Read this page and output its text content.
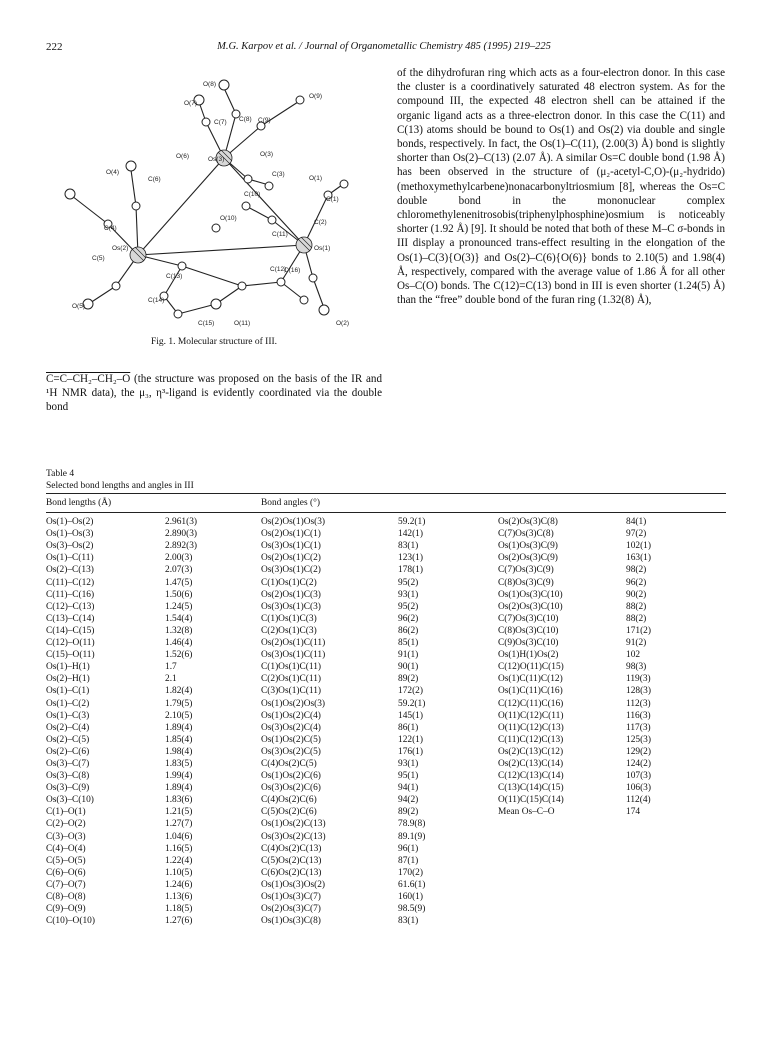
222	M.G. Karpov et al. / Journal of Organometallic Chemistry 485 (1995) 219–225
O(8)
O(7)
C(7) C(8) C(9)
O(9)
O(6)	O(3)
Os(3)
C(6)
C(3)
O(1)
O(4)
C(10)
C(1)
C(4)
O(10)
Os(2)	Os(1)
C(5)
C(13)
C(2)
C(11)
C(12)
C(16)
C(14)
O(5)
C(15)	O(11)	O(2)
Fig. 1. Molecular structure of III.
of the dihydrofuran ring which acts as a four-electron donor. In this case the cluster is a coordinatively saturated 48 electron system. As for the compound III, the expected 48 electron shell can be attained if the organic ligand acts as a three-electron donor. In this case the C(11) and C(13) atoms should be bound to Os(1) and Os(2) via double and single bonds, respectively. In fact, the Os(1)–C(11), (2.00(3) Å) bond is slightly shorter than Os(2)–C(13) (2.07 Å). A similar Os=C double bond (1.98 Å) has been observed in the structure of (μ₂-acetyl-C,O)-(μ₂-hydrido)(methoxymethylcarbene)nonacarbonyltriosmium [8], whereas the Os=C double bond in the mononuclear complex chloromethylenenitrosobis(triphenylphosphine)osmium is noticeably shorter (1.92 Å) [9]. It should be noted that both of these M–C σ-bonds in III display a pronounced trans-effect resulting in the elongation of the Os(1)–C(3){O(3)} and Os(2)–C(6){O(6)} bonds to 2.10(5) and 1.98(4) Å, respectively, compared with the average value of 1.86 Å for all other Os–C(O) bonds. The C(12)=C(13) bond in III is even shorter (1.24(5) Å) than the “free” double bond of the furan ring (1.32(8) Å),
C=C–CH₂–CH₂–O (the structure was proposed on the basis of the IR and ¹H NMR data), the μ₃, η³-ligand is evidently coordinated via the double bond
Table 4
Selected bond lengths and angles in III
Bond lengths (Å)		Bond angles (°)			
Os(1)–Os(2)	2.961(3)	Os(2)Os(1)Os(3)	59.2(1)	Os(2)Os(3)C(8)	84(1)
Os(1)–Os(3)	2.890(3)	Os(2)Os(1)C(1)	142(1)	C(7)Os(3)C(8)	97(2)
Os(3)–Os(2)	2.892(3)	Os(3)Os(1)C(1)	83(1)	Os(1)Os(3)C(9)	102(1)
Os(1)–C(11)	2.00(3)	Os(2)Os(1)C(2)	123(1)	Os(2)Os(3)C(9)	163(1)
Os(2)–C(13)	2.07(3)	Os(3)Os(1)C(2)	178(1)	C(7)Os(3)C(9)	98(2)
C(11)–C(12)	1.47(5)	C(1)Os(1)C(2)	95(2)	C(8)Os(3)C(9)	96(2)
C(11)–C(16)	1.50(6)	Os(2)Os(1)C(3)	93(1)	Os(1)Os(3)C(10)	90(2)
C(12)–C(13)	1.24(5)	Os(3)Os(1)C(3)	95(2)	Os(2)Os(3)C(10)	88(2)
C(13)–C(14)	1.54(4)	C(1)Os(1)C(3)	96(2)	C(7)Os(3)C(10)	88(2)
C(14)–C(15)	1.32(8)	C(2)Os(1)C(3)	86(2)	C(8)Os(3)C(10)	171(2)
C(12)–O(11)	1.46(4)	Os(2)Os(1)C(11)	85(1)	C(9)Os(3)C(10)	91(2)
C(15)–O(11)	1.52(6)	Os(3)Os(1)C(11)	91(1)	Os(1)H(1)Os(2)	102
Os(1)–H(1)	1.7	C(1)Os(1)C(11)	90(1)	C(12)O(11)C(15)	98(3)
Os(2)–H(1)	2.1	C(2)Os(1)C(11)	89(2)	Os(1)C(11)C(12)	119(3)
Os(1)–C(1)	1.82(4)	C(3)Os(1)C(11)	172(2)	Os(1)C(11)C(16)	128(3)
Os(1)–C(2)	1.79(5)	Os(1)Os(2)Os(3)	59.2(1)	C(12)C(11)C(16)	112(3)
Os(1)–C(3)	2.10(5)	Os(1)Os(2)C(4)	145(1)	O(11)C(12)C(11)	116(3)
Os(2)–C(4)	1.89(4)	Os(3)Os(2)C(4)	86(1)	O(11)C(12)C(13)	117(3)
Os(2)–C(5)	1.85(4)	Os(1)Os(2)C(5)	122(1)	C(11)C(12)C(13)	125(3)
Os(2)–C(6)	1.98(4)	Os(3)Os(2)C(5)	176(1)	Os(2)C(13)C(12)	129(2)
Os(3)–C(7)	1.83(5)	C(4)Os(2)C(5)	93(1)	Os(2)C(13)C(14)	124(2)
Os(3)–C(8)	1.99(4)	Os(1)Os(2)C(6)	95(1)	C(12)C(13)C(14)	107(3)
Os(3)–C(9)	1.89(4)	Os(3)Os(2)C(6)	94(1)	C(13)C(14)C(15)	106(3)
Os(3)–C(10)	1.83(6)	C(4)Os(2)C(6)	94(2)	O(11)C(15)C(14)	112(4)
C(1)–O(1)	1.21(5)	C(5)Os(2)C(6)	89(2)	Mean Os–C–O	174
C(2)–O(2)	1.27(7)	Os(1)Os(2)C(13)	78.9(8)		
C(3)–O(3)	1.04(6)	Os(3)Os(2)C(13)	89.1(9)		
C(4)–O(4)	1.16(5)	C(4)Os(2)C(13)	96(1)		
C(5)–O(5)	1.22(4)	C(5)Os(2)C(13)	87(1)		
C(6)–O(6)	1.10(5)	C(6)Os(2)C(13)	170(2)		
C(7)–O(7)	1.24(6)	Os(1)Os(3)Os(2)	61.6(1)		
C(8)–O(8)	1.13(6)	Os(1)Os(3)C(7)	160(1)		
C(9)–O(9)	1.18(5)	Os(2)Os(3)C(7)	98.5(9)		
C(10)–O(10)	1.27(6)	Os(1)Os(3)C(8)	83(1)		
